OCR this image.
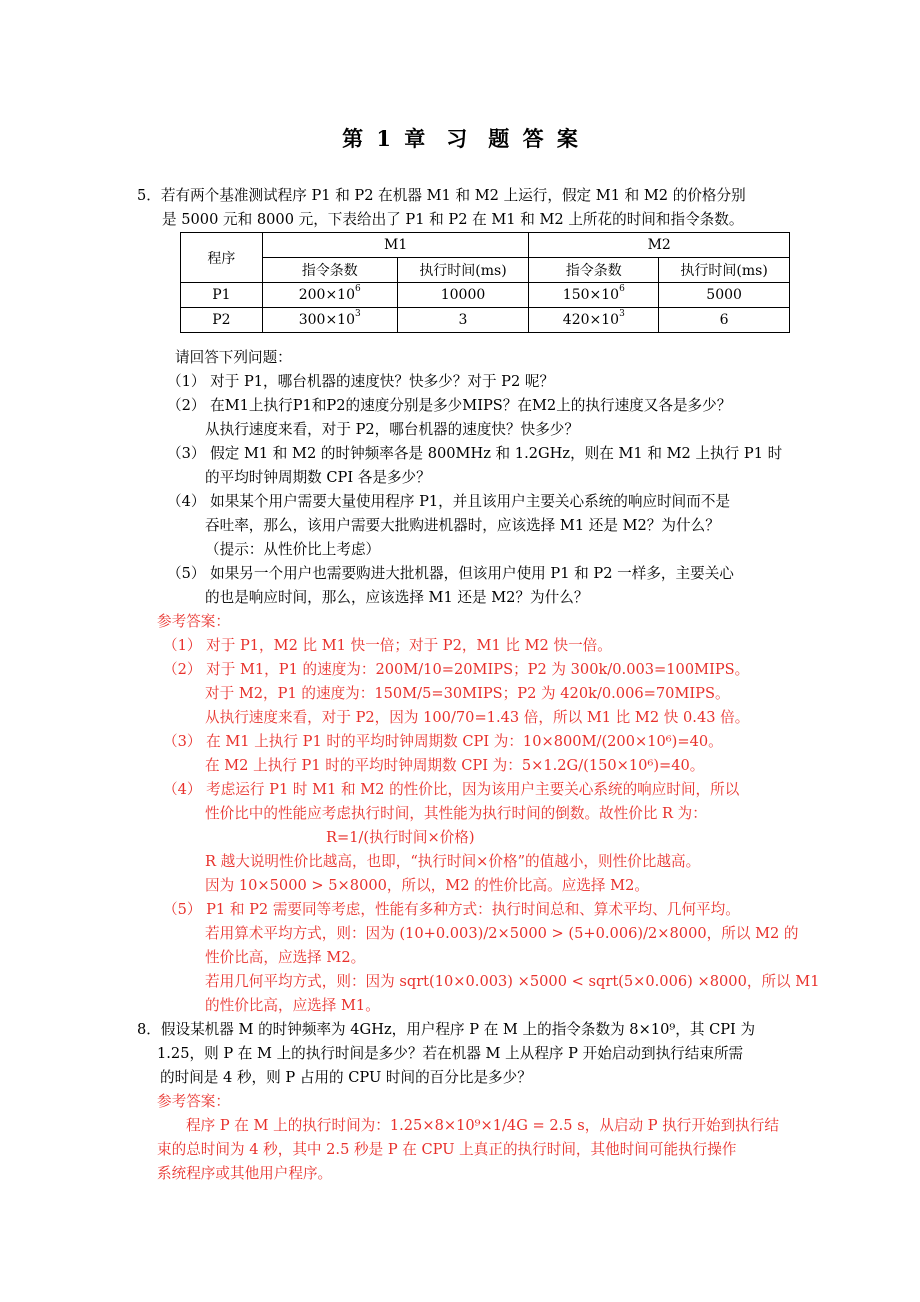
第 1 章　习　题 答 案
5．若有两个基准测试程序 P1 和 P2 在机器 M1 和 M2 上运行，假定 M1 和 M2 的价格分别
是 5000 元和 8000 元，下表给出了 P1 和 P2 在 M1 和 M2 上所花的时间和指令条数。
程序	M1		M2	
	指令条数	执行时间(ms)	指令条数	执行时间(ms)
P1	$200\times 10^6$	10000	$150\times 10^6$	5000
P2	$300\times 10^3$	3	$420\times 10^3$	6
请回答下列问题：
（1） 对于 P1，哪台机器的速度快？快多少？对于 P2 呢？
（2） 在M1上执行P1和P2的速度分别是多少MIPS？在M2上的执行速度又各是多少？
从执行速度来看，对于 P2，哪台机器的速度快？快多少？
（3） 假定 M1 和 M2 的时钟频率各是 800MHz 和 1.2GHz，则在 M1 和 M2 上执行 P1 时
的平均时钟周期数 CPI 各是多少？
（4） 如果某个用户需要大量使用程序 P1，并且该用户主要关心系统的响应时间而不是
吞吐率，那么，该用户需要大批购进机器时，应该选择 M1 还是 M2？为什么？
（提示：从性价比上考虑）
（5） 如果另一个用户也需要购进大批机器，但该用户使用 P1 和 P2 一样多，主要关心
的也是响应时间，那么，应该选择 M1 还是 M2？为什么？
参考答案：
（1） 对于 P1，M2 比 M1 快一倍；对于 P2，M1 比 M2 快一倍。
（2） 对于 M1，P1 的速度为：200M/10=20MIPS；P2 为 300k/0.003=100MIPS。
对于 M2，P1 的速度为：150M/5=30MIPS；P2 为 420k/0.006=70MIPS。
从执行速度来看，对于 P2，因为 100/70=1.43 倍，所以 M1 比 M2 快 0.43 倍。
（3） 在 M1 上执行 P1 时的平均时钟周期数 CPI 为：10×800M/(200×10⁶)=40。
在 M2 上执行 P1 时的平均时钟周期数 CPI 为：5×1.2G/(150×10⁶)=40。
（4） 考虑运行 P1 时 M1 和 M2 的性价比，因为该用户主要关心系统的响应时间，所以
性价比中的性能应考虑执行时间，其性能为执行时间的倒数。故性价比 R 为：
R=1/(执行时间×价格)
R 越大说明性价比越高，也即，“执行时间×价格”的值越小，则性价比越高。
因为 10×5000 > 5×8000，所以，M2 的性价比高。应选择 M2。
（5） P1 和 P2 需要同等考虑，性能有多种方式：执行时间总和、算术平均、几何平均。
若用算术平均方式，则：因为 (10+0.003)/2×5000 > (5+0.006)/2×8000，所以 M2 的
性价比高，应选择 M2。
若用几何平均方式，则：因为 sqrt(10×0.003) ×5000 < sqrt(5×0.006) ×8000，所以 M1
的性价比高，应选择 M1。
8．假设某机器 M 的时钟频率为 4GHz，用户程序 P 在 M 上的指令条数为 8×10⁹，其 CPI 为
1.25，则 P 在 M 上的执行时间是多少？若在机器 M 上从程序 P 开始启动到执行结束所需
的时间是 4 秒，则 P 占用的 CPU 时间的百分比是多少？
参考答案：
程序 P 在 M 上的执行时间为：1.25×8×10⁹×1/4G = 2.5 s，从启动 P 执行开始到执行结
束的总时间为 4 秒，其中 2.5 秒是 P 在 CPU 上真正的执行时间，其他时间可能执行操作
系统程序或其他用户程序。
